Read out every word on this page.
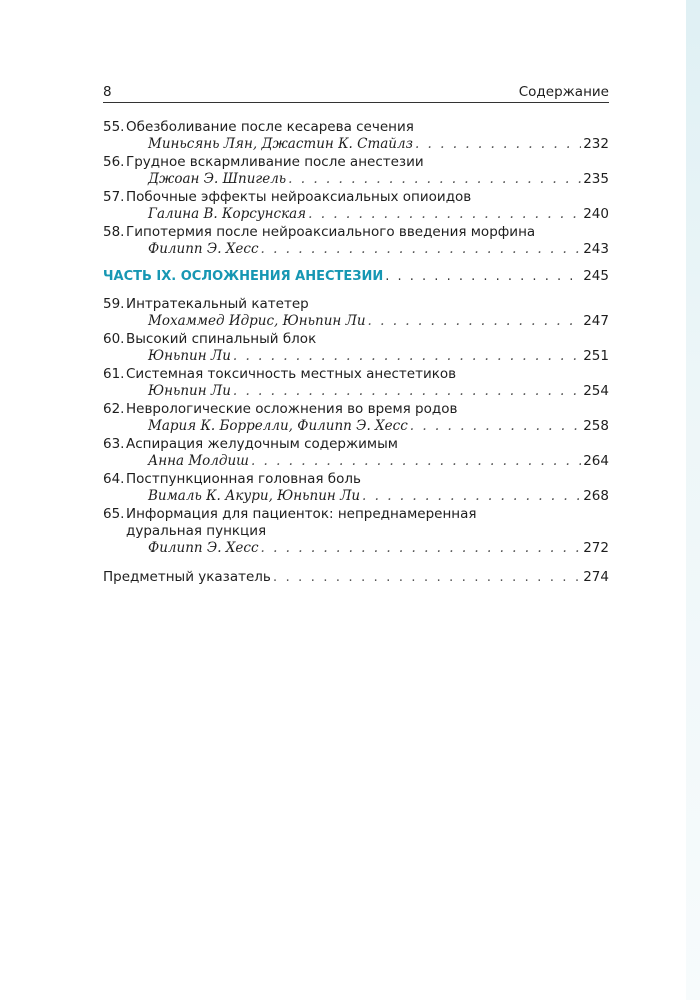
8	Содержание
55. Обезболивание после кесарева сечения
Миньсянь Лян, Джастин К. Стайлз . . .	232
56. Грудное вскармливание после анестезии
Джоан Э. Шпигель . . .	235
57. Побочные эффекты нейроаксиальных опиоидов
Галина В. Корсунская . . .	240
58. Гипотермия после нейроаксиального введения морфина
Филипп Э. Хесс . . .	243
ЧАСТЬ IX. ОСЛОЖНЕНИЯ АНЕСТЕЗИИ . . .	245
59. Интратекальный катетер
Мохаммед Идрис, Юньпин Ли . . .	247
60. Высокий спинальный блок
Юньпин Ли . . .	251
61. Системная токсичность местных анестетиков
Юньпин Ли . . .	254
62. Неврологические осложнения во время родов
Мария К. Боррелли, Филипп Э. Хесс . . .	258
63. Аспирация желудочным содержимым
Анна Молдиш . . .	264
64. Постпункционная головная боль
Вималь К. Акури, Юньпин Ли . . .	268
65. Информация для пациенток: непреднамеренная
дуральная пункция
Филипп Э. Хесс . . .	272
Предметный указатель . . .	274
